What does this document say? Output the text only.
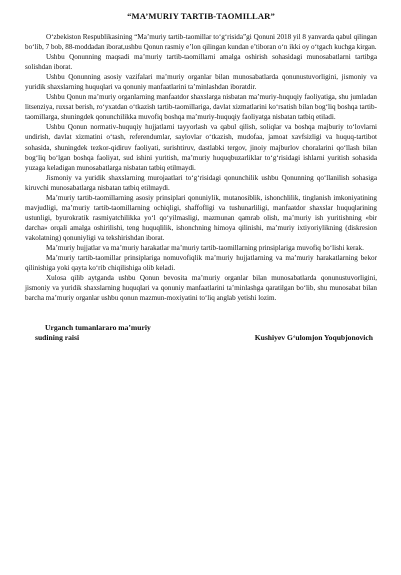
“MA’MURIY TARTIB-TAOMILLAR”

O‘zbekiston Respublikasining “Ma’muriy tartib-taomillar to‘g‘risida”gi Qonuni 2018 yil 8 yanvarda qabul qilingan bo‘lib, 7 bob, 88-moddadan iborat,ushbu Qonun rasmiy e’lon qilingan kundan e’tiboran o‘n ikki oy o‘tgach kuchga kirgan.

Ushbu Qonunning maqsadi ma’muriy tartib-taomillarni amalga oshirish sohasidagi munosabatlarni tartibga solishdan iborat.

Ushbu Qonunning asosiy vazifalari ma’muriy organlar bilan munosabatlarda qonunustuvorligini, jismoniy va yuridik shaxslarning huquqlari va qonuniy manfaatlarini ta’minlashdan iboratdir.

Ushbu Qonun ma’muriy organlarning manfaatdor shaxslarga nisbatan ma’muriy-huquqiy faoliyatiga, shu jumladan litsenziya, ruxsat berish, ro‘yxatdan o‘tkazish tartib-taomillariga, davlat xizmatlarini ko‘rsatish bilan bog‘liq boshqa tartib-taomillarga, shuningdek qonunchilikka muvofiq boshqa ma’muriy-huquqiy faoliyatga nisbatan tatbiq etiladi.

Ushbu Qonun normativ-huquqiy hujjatlarni tayyorlash va qabul qilish, soliqlar va boshqa majburiy to‘lovlarni undirish, davlat xizmatini o‘tash, referendumlar, saylovlar o‘tkazish, mudofaa, jamoat xavfsizligi va huquq-tartibot sohasida, shuningdek tezkor-qidiruv faoliyati, surishtiruv, dastlabki tergov, jinoiy majburlov choralarini qo‘llash bilan bog‘liq bo‘lgan boshqa faoliyat, sud ishini yuritish, ma’muriy huquqbuzarliklar to‘g‘risidagi ishlarni yuritish sohasida yuzaga keladigan munosabatlarga nisbatan tatbiq etilmaydi.

Jismoniy va yuridik shaxslarning murojaatlari to‘g‘risidagi qonunchilik ushbu Qonunning qo‘llanilish sohasiga kiruvchi munosabatlarga nisbatan tatbiq etilmaydi.

Ma’muriy tartib-taomillarning asosiy prinsiplari qonuniylik, mutanosiblik, ishonchlilik, tinglanish imkoniyatining mavjudligi, ma’muriy tartib-taomillarning ochiqligi, shaffofligi va tushunarliligi, manfaatdor shaxslar huquqlarining ustunligi, byurokratik rasmiyatchilikka yo‘l qo‘yilmasligi, mazmunan qamrab olish, ma’muriy ish yuritishning «bir darcha» orqali amalga oshirilishi, teng huquqlilik, ishonchning himoya qilinishi, ma’muriy ixtiyoriylikning (diskresion vakolatning) qonuniyligi va tekshirishdan iborat.

Ma’muriy hujjatlar va ma’muriy harakatlar ma’muriy tartib-taomillarning prinsiplariga muvofiq bo‘lishi kerak.

Ma’muriy tartib-taomillar prinsiplariga nomuvofiqlik ma’muriy hujjatlarning va ma’muriy harakatlarning bekor qilinishiga yoki qayta ko‘rib chiqilishiga olib keladi.

Xulosa qilib aytganda ushbu Qonun bevosita ma’muriy organlar bilan munosabatlarda qonunustuvorligini, jismoniy va yuridik shaxslarning huquqlari va qonuniy manfaatlarini ta’minlashga qaratilgan bo‘lib, shu munosabat bilan barcha ma’muriy organlar ushbu qonun mazmun-moxiyatini to‘liq anglab yetishi lozim.

Urganch tumanlararo ma’muriy
sudining raisi	Kushiyev G‘ulomjon Yoqubjonovich
